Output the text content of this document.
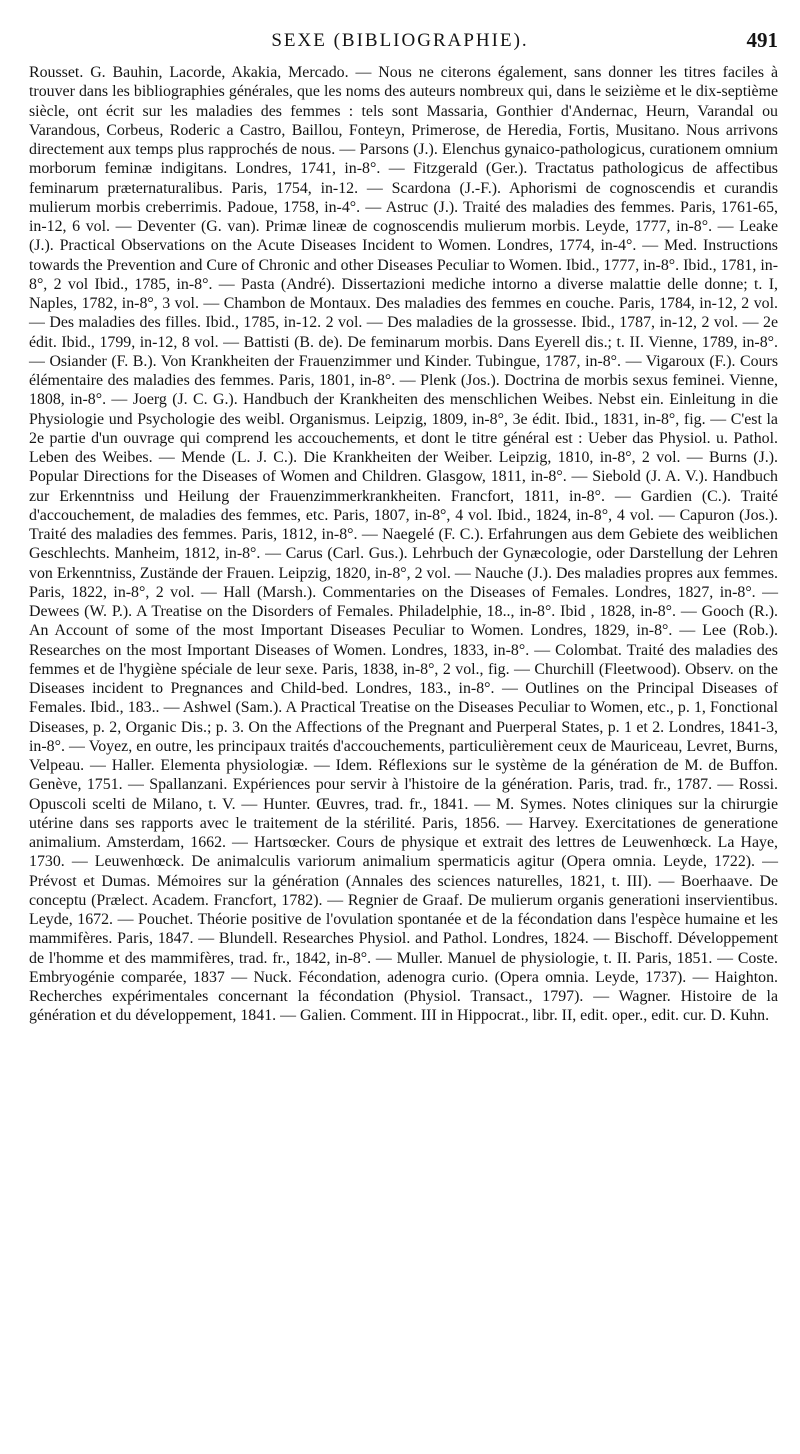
SEXE (BIBLIOGRAPHIE).	491

Rousset. G. Bauhin, Lacorde, Akakia, Mercado. — Nous ne citerons également, sans donner les titres faciles à trouver dans les bibliographies générales, que les noms des auteurs nombreux qui, dans le seizième et le dix-septième siècle, ont écrit sur les maladies des femmes : tels sont Massaria, Gonthier d'Andernac, Heurn, Varandal ou Varandous, Corbeus, Roderic a Castro, Baillou, Fonteyn, Primerose, de Heredia, Fortis, Musitano. Nous arrivons directement aux temps plus rapprochés de nous. — Parsons (J.). Elenchus gynaico-pathologicus, curationem omnium morborum feminæ indigitans. Londres, 1741, in-8°. — Fitzgerald (Ger.). Tractatus pathologicus de affectibus feminarum præternaturalibus. Paris, 1754, in-12. — Scardona (J.-F.). Aphorismi de cognoscendis et curandis mulierum morbis creberrimis. Padoue, 1758, in-4°. — Astruc (J.). Traité des maladies des femmes. Paris, 1761-65, in-12, 6 vol. — Deventer (G. van). Primæ lineæ de cognoscendis mulierum morbis. Leyde, 1777, in-8°. — Leake (J.). Practical Observations on the Acute Diseases Incident to Women. Londres, 1774, in-4°. — Med. Instructions towards the Prevention and Cure of Chronic and other Diseases Peculiar to Women. Ibid., 1777, in-8°. Ibid., 1781, in-8°, 2 vol Ibid., 1785, in-8°. — Pasta (André). Dissertazioni mediche intorno a diverse malattie delle donne; t. I, Naples, 1782, in-8°, 3 vol. — Chambon de Montaux. Des maladies des femmes en couche. Paris, 1784, in-12, 2 vol. — Des maladies des filles. Ibid., 1785, in-12. 2 vol. — Des maladies de la grossesse. Ibid., 1787, in-12, 2 vol. — 2e édit. Ibid., 1799, in-12, 8 vol. — Battisti (B. de). De feminarum morbis. Dans Eyerell dis.; t. II. Vienne, 1789, in-8°. — Osiander (F. B.). Von Krankheiten der Frauenzimmer und Kinder. Tubingue, 1787, in-8°. — Vigaroux (F.). Cours élémentaire des maladies des femmes. Paris, 1801, in-8°. — Plenk (Jos.). Doctrina de morbis sexus feminei. Vienne, 1808, in-8°. — Joerg (J. C. G.). Handbuch der Krankheiten des menschlichen Weibes. Nebst ein. Einleitung in die Physiologie und Psychologie des weibl. Organismus. Leipzig, 1809, in-8°, 3e édit. Ibid., 1831, in-8°, fig. — C'est la 2e partie d'un ouvrage qui comprend les accouchements, et dont le titre général est : Ueber das Physiol. u. Pathol. Leben des Weibes. — Mende (L. J. C.). Die Krankheiten der Weiber. Leipzig, 1810, in-8°, 2 vol. — Burns (J.). Popular Directions for the Diseases of Women and Children. Glasgow, 1811, in-8°. — Siebold (J. A. V.). Handbuch zur Erkenntniss und Heilung der Frauenzimmerkrankheiten. Francfort, 1811, in-8°. — Gardien (C.). Traité d'accouchement, de maladies des femmes, etc. Paris, 1807, in-8°, 4 vol. Ibid., 1824, in-8°, 4 vol. — Capuron (Jos.). Traité des maladies des femmes. Paris, 1812, in-8°. — Naegelé (F. C.). Erfahrungen aus dem Gebiete des weiblichen Geschlechts. Manheim, 1812, in-8°. — Carus (Carl. Gus.). Lehrbuch der Gynæcologie, oder Darstellung der Lehren von Erkenntniss, Zustände der Frauen. Leipzig, 1820, in-8°, 2 vol. — Nauche (J.). Des maladies propres aux femmes. Paris, 1822, in-8°, 2 vol. — Hall (Marsh.). Commentaries on the Diseases of Females. Londres, 1827, in-8°. — Dewees (W. P.). A Treatise on the Disorders of Females. Philadelphie, 18.., in-8°. Ibid , 1828, in-8°. — Gooch (R.). An Account of some of the most Important Diseases Peculiar to Women. Londres, 1829, in-8°. — Lee (Rob.). Researches on the most Important Diseases of Women. Londres, 1833, in-8°. — Colombat. Traité des maladies des femmes et de l'hygiène spéciale de leur sexe. Paris, 1838, in-8°, 2 vol., fig. — Churchill (Fleetwood). Observ. on the Diseases incident to Pregnances and Child-bed. Londres, 183., in-8°. — Outlines on the Principal Diseases of Females. Ibid., 183.. — Ashwel (Sam.). A Practical Treatise on the Diseases Peculiar to Women, etc., p. 1, Fonctional Diseases, p. 2, Organic Dis.; p. 3. On the Affections of the Pregnant and Puerperal States, p. 1 et 2. Londres, 1841-3, in-8°. — Voyez, en outre, les principaux traités d'accouchements, particulièrement ceux de Mauriceau, Levret, Burns, Velpeau. — Haller. Elementa physiologiæ. — Idem. Réflexions sur le système de la génération de M. de Buffon. Genève, 1751. — Spallanzani. Expériences pour servir à l'histoire de la génération. Paris, trad. fr., 1787. — Rossi. Opuscoli scelti de Milano, t. V. — Hunter. Œuvres, trad. fr., 1841. — M. Symes. Notes cliniques sur la chirurgie utérine dans ses rapports avec le traitement de la stérilité. Paris, 1856. — Harvey. Exercitationes de generatione animalium. Amsterdam, 1662. — Hartsœcker. Cours de physique et extrait des lettres de Leuwenhœck. La Haye, 1730. — Leuwenhœck. De animalculis variorum animalium spermaticis agitur (Opera omnia. Leyde, 1722). — Prévost et Dumas. Mémoires sur la génération (Annales des sciences naturelles, 1821, t. III). — Boerhaave. De conceptu (Prælect. Academ. Francfort, 1782). — Regnier de Graaf. De mulierum organis generationi inservientibus. Leyde, 1672. — Pouchet. Théorie positive de l'ovulation spontanée et de la fécondation dans l'espèce humaine et les mammifères. Paris, 1847. — Blundell. Researches Physiol. and Pathol. Londres, 1824. — Bischoff. Développement de l'homme et des mammifères, trad. fr., 1842, in-8°. — Muller. Manuel de physiologie, t. II. Paris, 1851. — Coste. Embryogénie comparée, 1837 — Nuck. Fécondation, adenogra curio. (Opera omnia. Leyde, 1737). — Haighton. Recherches expérimentales concernant la fécondation (Physiol. Transact., 1797). — Wagner. Histoire de la génération et du développement, 1841. — Galien. Comment. III in Hippocrat., libr. II, edit. oper., edit. cur. D. Kuhn.
